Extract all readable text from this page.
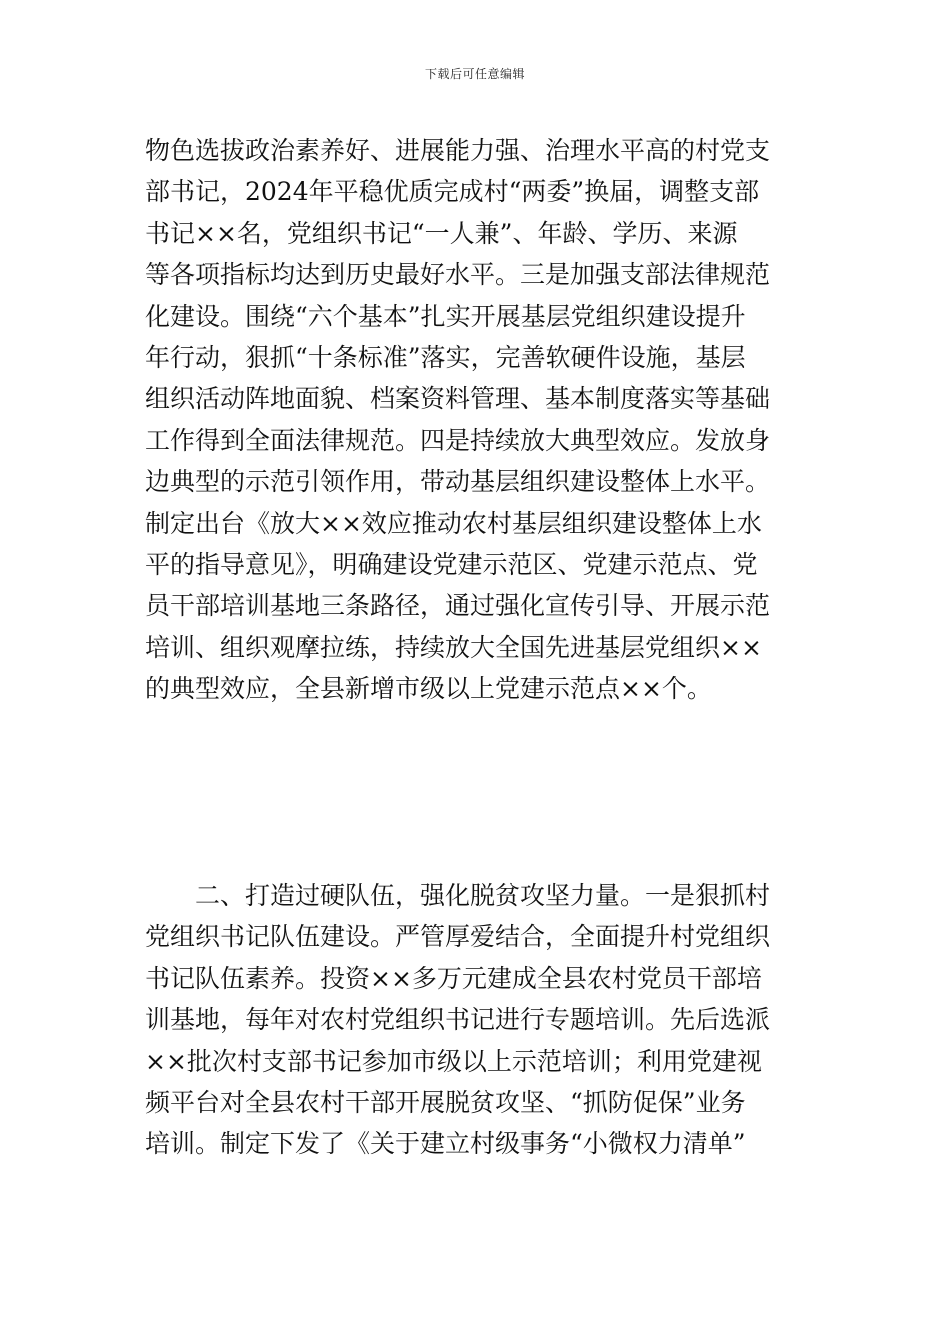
下载后可任意编辑
物色选拔政治素养好、进展能力强、治理水平高的村党支
部书记，2024年平稳优质完成村“两委”换届，调整支部
书记××名，党组织书记“一人兼”、年龄、学历、来源
等各项指标均达到历史最好水平。三是加强支部法律规范
化建设。围绕“六个基本”扎实开展基层党组织建设提升
年行动，狠抓“十条标准”落实，完善软硬件设施，基层
组织活动阵地面貌、档案资料管理、基本制度落实等基础
工作得到全面法律规范。四是持续放大典型效应。发放身
边典型的示范引领作用，带动基层组织建设整体上水平。
制定出台《放大××效应推动农村基层组织建设整体上水
平的指导意见》，明确建设党建示范区、党建示范点、党
员干部培训基地三条路径，通过强化宣传引导、开展示范
培训、组织观摩拉练，持续放大全国先进基层党组织××
的典型效应，全县新增市级以上党建示范点××个。
　　二、打造过硬队伍，强化脱贫攻坚力量。一是狠抓村
党组织书记队伍建设。严管厚爱结合，全面提升村党组织
书记队伍素养。投资××多万元建成全县农村党员干部培
训基地，每年对农村党组织书记进行专题培训。先后选派
××批次村支部书记参加市级以上示范培训；利用党建视
频平台对全县农村干部开展脱贫攻坚、“抓防促保”业务
培训。制定下发了《关于建立村级事务“小微权力清单”
